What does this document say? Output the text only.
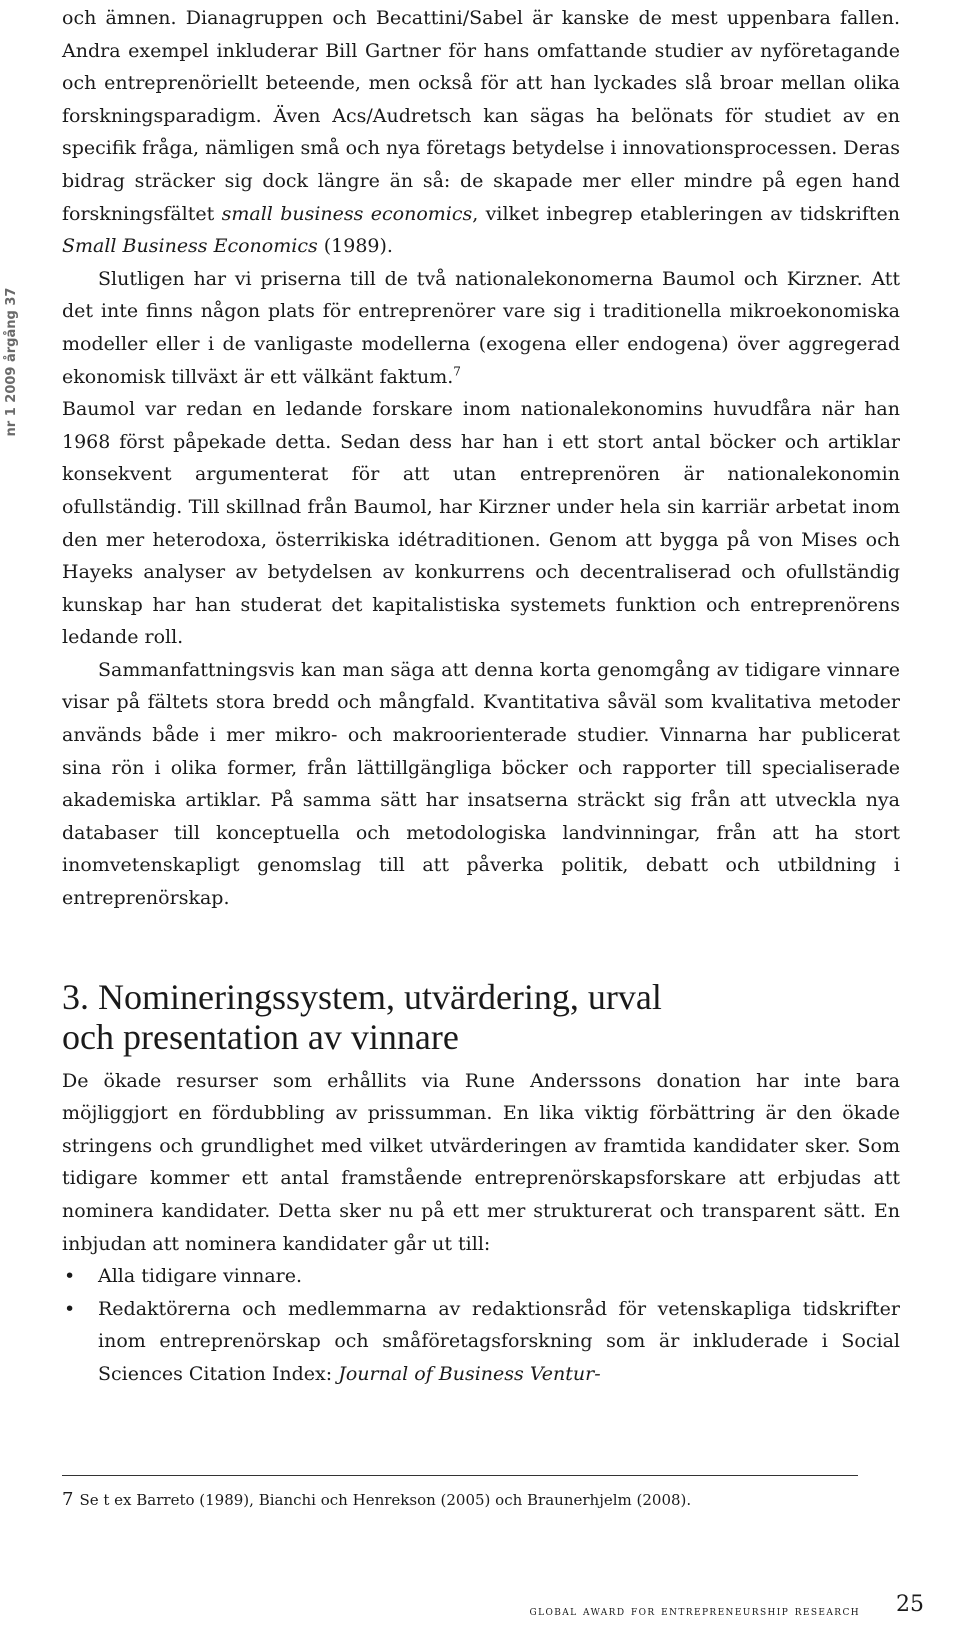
nr 1 2009 årgång 37

och ämnen. Dianagruppen och Becattini/Sabel är kanske de mest uppenbara fallen. Andra exempel inkluderar Bill Gartner för hans omfattande studier av nyföretagande och entreprenöriellt beteende, men också för att han lyckades slå broar mellan olika forskningsparadigm. Även Acs/Audretsch kan sägas ha belönats för studiet av en specifik fråga, nämligen små och nya företags betydelse i innovationsprocessen. Deras bidrag sträcker sig dock längre än så: de skapade mer eller mindre på egen hand forskningsfältet small business economics, vilket inbegrep etableringen av tidskriften Small Business Economics (1989).

Slutligen har vi priserna till de två nationalekonomerna Baumol och Kirzner. Att det inte finns någon plats för entreprenörer vare sig i traditionella mikroekonomiska modeller eller i de vanligaste modellerna (exogena eller endogena) över aggregerad ekonomisk tillväxt är ett välkänt faktum.$^7$

Baumol var redan en ledande forskare inom nationalekonomins huvudfåra när han 1968 först påpekade detta. Sedan dess har han i ett stort antal böcker och artiklar konsekvent argumenterat för att utan entreprenören är nationalekonomin ofullständig. Till skillnad från Baumol, har Kirzner under hela sin karriär arbetat inom den mer heterodoxa, österrikiska idétraditionen. Genom att bygga på von Mises och Hayeks analyser av betydelsen av konkurrens och decentraliserad och ofullständig kunskap har han studerat det kapitalistiska systemets funktion och entreprenörens ledande roll.

Sammanfattningsvis kan man säga att denna korta genomgång av tidigare vinnare visar på fältets stora bredd och mångfald. Kvantitativa såväl som kvalitativa metoder används både i mer mikro- och makroorienterade studier. Vinnarna har publicerat sina rön i olika former, från lättillgängliga böcker och rapporter till specialiserade akademiska artiklar. På samma sätt har insatserna sträckt sig från att utveckla nya databaser till konceptuella och metodologiska landvinningar, från att ha stort inomvetenskapligt genomslag till att påverka politik, debatt och utbildning i entreprenörskap.

3. Nomineringssystem, utvärdering, urval
och presentation av vinnare

De ökade resurser som erhållits via Rune Anderssons donation har inte bara möjliggjort en fördubbling av prissumman. En lika viktig förbättring är den ökade stringens och grundlighet med vilket utvärderingen av framtida kandidater sker. Som tidigare kommer ett antal framstående entreprenörskapsforskare att erbjudas att nominera kandidater. Detta sker nu på ett mer strukturerat och transparent sätt. En inbjudan att nominera kandidater går ut till:

• Alla tidigare vinnare.
• Redaktörerna och medlemmarna av redaktionsråd för vetenskapliga tidskrifter inom entreprenörskap och småföretagsforskning som är inkluderade i Social Sciences Citation Index: Journal of Business Ventur-
7 Se t ex Barreto (1989), Bianchi och Henrekson (2005) och Braunerhjelm (2008).
global award for entrepreneurship research 25
